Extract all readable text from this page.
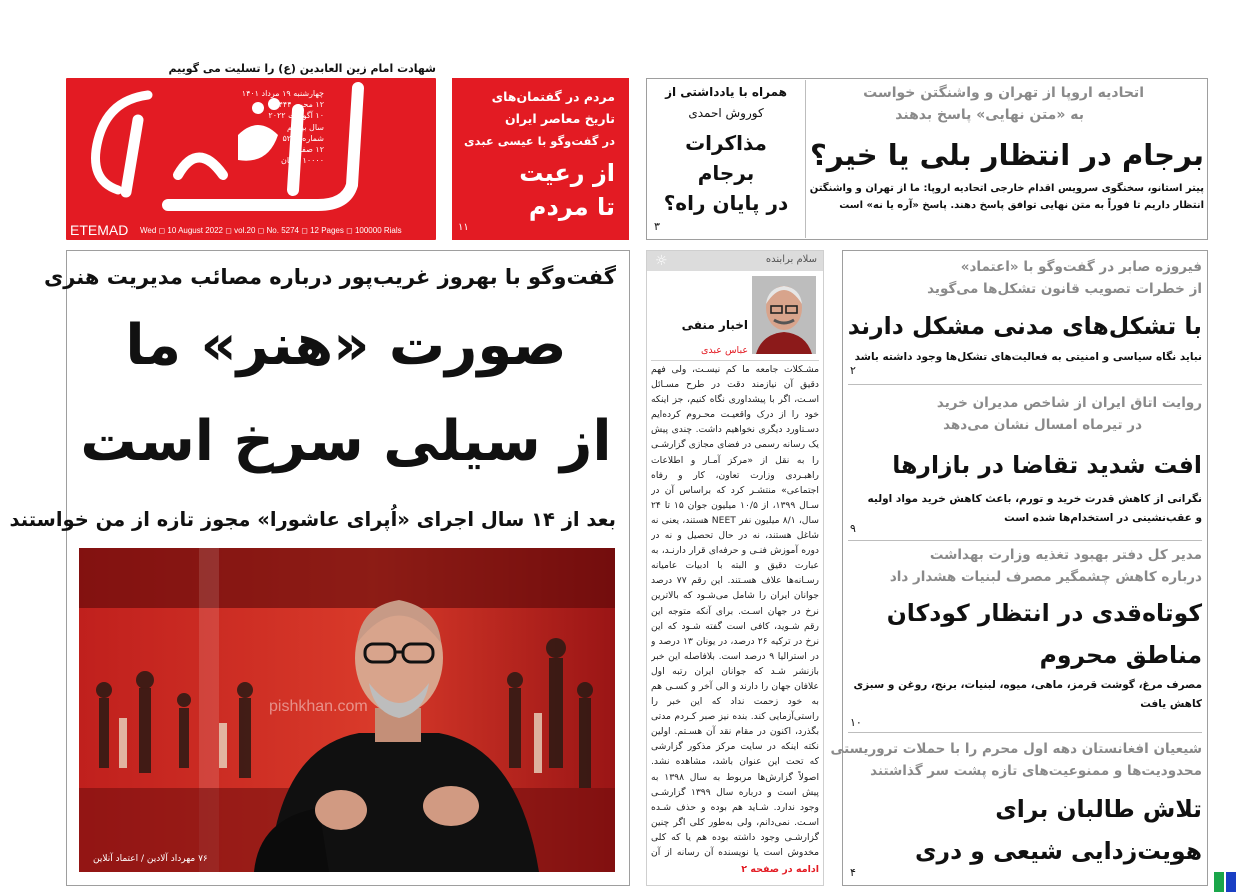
شهادت امام زین العابدین (ع) را تسلیت می گوییم
چهارشنبه ۱۹ مرداد ۱۴۰۱
۱۲ محرم ۱۴۴۴
۱۰ آگوست ۲۰۲۲
سال بیستم
شماره ۵۲۷۴
۱۲ صفحه
۱۰۰۰۰ تومان
ETEMAD Wed ◻ 10 August 2022 ◻ vol.20 ◻ No. 5274 ◻ 12 Pages ◻ 100000 Rials
مردم در گفتمان‌های
تاریخ معاصر ایران
در گفت‌وگو با عیسی عبدی
از رعیت
تا مردم
۱۱
همراه با یادداشتی از
کوروش احمدی
مذاکرات
برجام
در پایان راه؟
۳
اتحادیه اروپا از تهران و واشنگتن خواست
به «متن نهایی» پاسخ بدهند
برجام در انتظار بلی یا خیر؟
پیتر استانو، سخنگوی سرویس اقدام خارجی اتحادیه اروپا: ما از تهران و واشنگتن
انتظار داریم تا فوراً به متن نهایی توافق پاسخ دهند. پاسخ «آره یا نه» است
گفت‌وگو با بهروز غریب‌پور درباره مصائب مدیریت هنری
صورت «هنر» ما
از سیلی سرخ است
بعد از ۱۴ سال اجرای «اُپرای عاشورا» مجوز تازه از من خواستند
pishkhan.com
۷۶ مهرداد آلادین / اعتماد آنلاین
☼	سلام برابنده
اخبار منفی
عباس عبدی
مشـکلات جامعه ما کم نیسـت، ولی فهم دقیق آن نیازمند دقت در طرح مسـائل اسـت، اگر با پیشداوری نگاه کنیم، جز اینکه خود را از درک واقعیـت محـروم کرده‌ایم دسـتاورد دیگری نخواهیم داشت. چندی پیش یک رسانه رسمی در فضای مجازی گزارشـی را به نقل از «مرکز آمـار و اطلاعات راهبـردی وزارت تعاون، کار و رفاه اجتماعی» منتشـر کرد که براساس آن در سـال ۱۳۹۹، از ۱۰/۵ میلیون جوان ۱۵ تا ۲۴ سال، ۸/۱ میلیون نفر NEET هستند، یعنی نه شاغل هستند، نه در حال تحصیل و نه در دوره آموزش فنـی و حرفه‌ای قرار دارنـد، به عبارت دقیق و البته با ادبیات عامیانه رسـانه‌ها علاف هسـتند. این رقم ۷۷ درصد جوانان ایران را شامل می‌شـود که بالاترین نرخ در جهان اسـت. برای آنکه متوجه این رقم شـوید، کافی است گفته شـود که این نرخ در ترکیه ۲۶ درصد، در یونان ۱۳ درصد و در استرالیا ۹ درصد است. بلافاصله این خبر بازنشر شـد که جوانان ایران رتبه اول علافان جهان را دارند و الی آخر و کسـی هم به خود زحمت نداد که این خبر را راستی‌آزمایی کند. بنده نیز صبر کـردم مدتی بگذرد، اکنون در مقام نقد آن هسـتم. اولین نکته اینکه در سایت مرکز مذکور گزارشی که تحت این عنوان باشد، مشاهده نشد. اصولاً گزارش‌ها مربوط به سال ۱۳۹۸ به پیش است و درباره سال ۱۳۹۹ گزارشـی وجود ندارد. شـاید هم بوده و حذف شـده اسـت. نمی‌دانم، ولی به‌طور کلی اگر چنین گزارشـی وجود داشته بوده هم یا که کلی مخدوش است یا نویسنده آن رسانه از آن
ادامه در صفحه ۲
فیروزه صابر در گفت‌وگو با «اعتماد»
از خطرات تصویب قانون تشکل‌ها می‌گوید
با تشکل‌های مدنی مشکل دارند
نباید نگاه سیاسی و امنیتی به فعالیت‌های تشکل‌ها وجود داشته باشد
۲
روایت اتاق ایران از شاخص مدیران خرید
در تیرماه امسال نشان می‌دهد
افت شدید تقاضا در بازارها
نگرانی از کاهش قدرت خرید و تورم، باعث کاهش خرید مواد اولیه
و عقب‌نشینی در استخدام‌ها شده است
۹
مدیر کل دفتر بهبود تغذیه وزارت بهداشت
درباره کاهش چشمگیر مصرف لبنیات هشدار داد
کوتاه‌قدی در انتظار کودکان
مناطق محروم
مصرف مرغ، گوشت قرمز، ماهی، میوه، لبنیات، برنج، روغن و سبزی
کاهش یافت
۱۰
شیعیان افغانستان دهه اول محرم را با حملات تروریستی
محدودیت‌ها و ممنوعیت‌های تازه پشت سر گذاشتند
تلاش طالبان برای
هویت‌زدایی شیعی و دری
۴
